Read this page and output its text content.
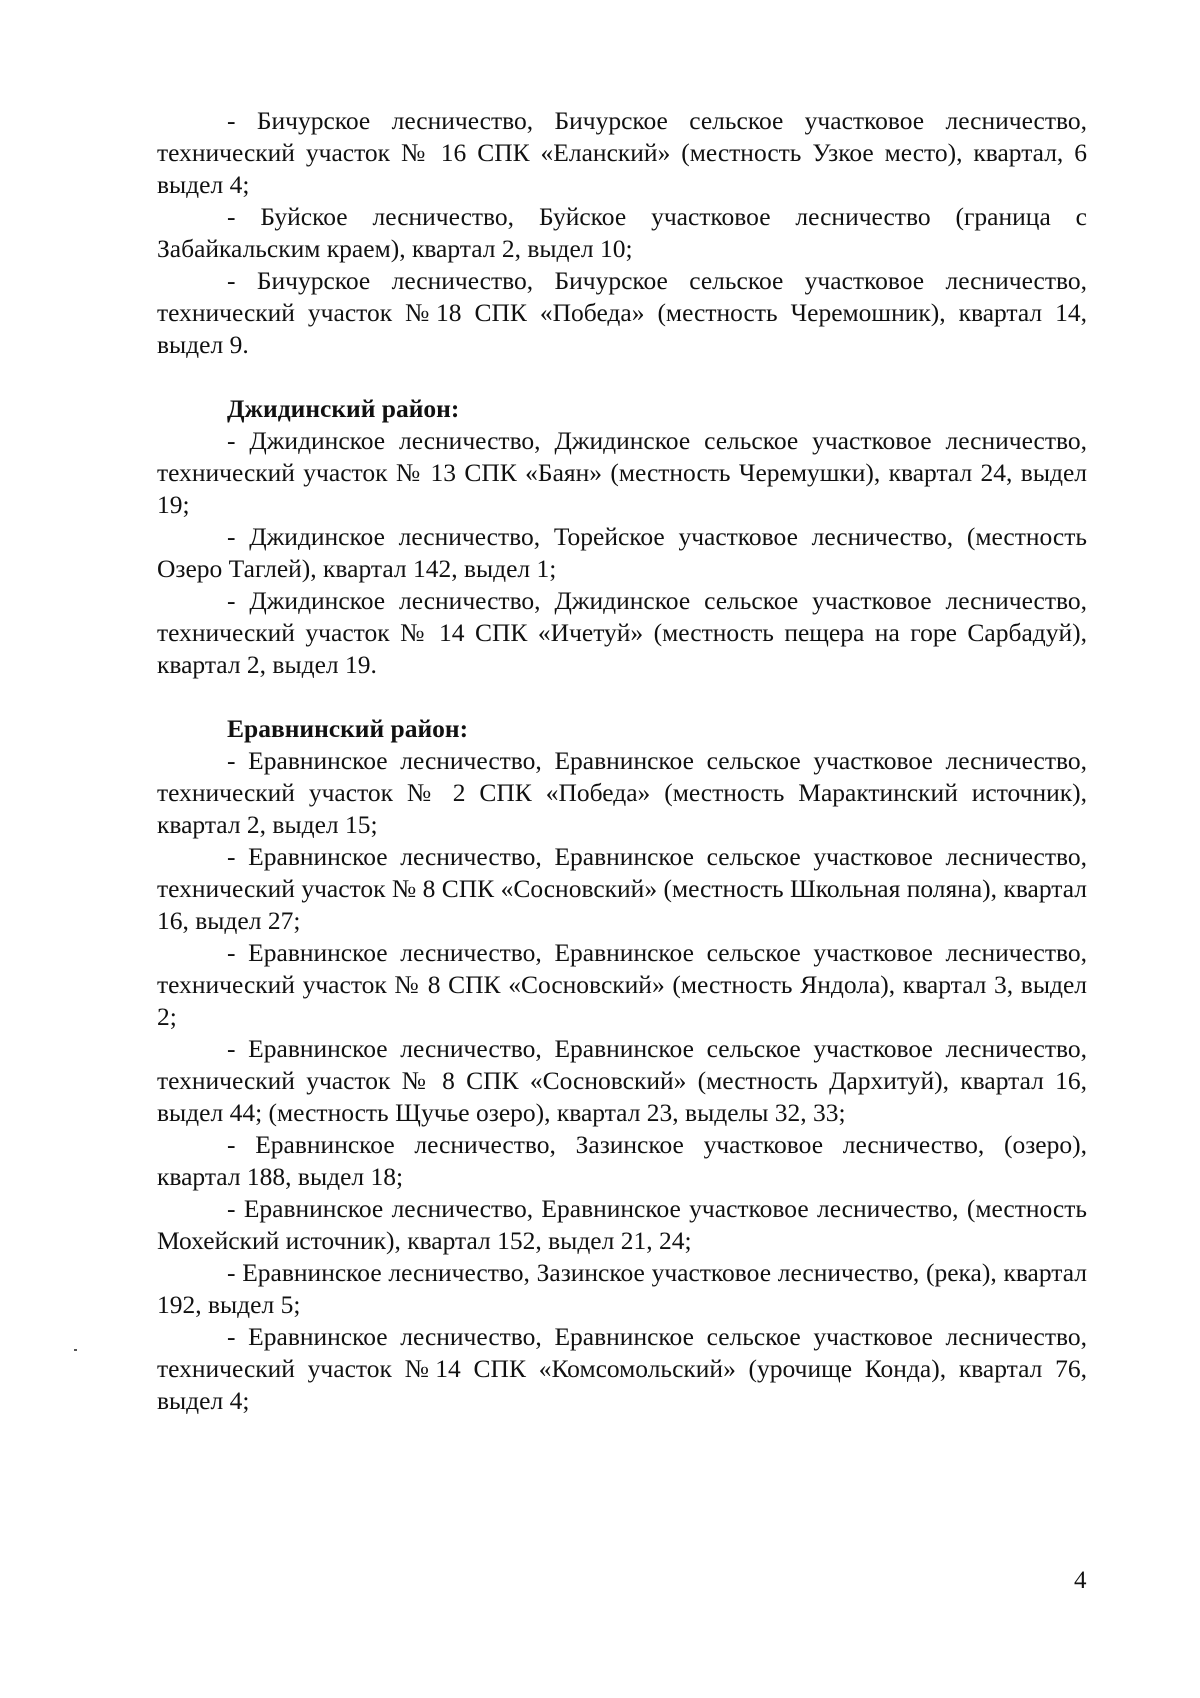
- Бичурское лесничество, Бичурское сельское участковое лесничество, технический участок № 16 СПК «Еланский» (местность Узкое место), квартал, 6 выдел 4;

- Буйское лесничество, Буйское участковое лесничество (граница с Забайкальским краем), квартал 2, выдел 10;

- Бичурское лесничество, Бичурское сельское участковое лесничество, технический участок №18 СПК «Победа» (местность Черемошник), квартал 14, выдел 9.

Джидинский район:

- Джидинское лесничество, Джидинское сельское участковое лесничество, технический участок № 13 СПК «Баян» (местность Черемушки), квартал 24, выдел 19;

- Джидинское лесничество, Торейское участковое лесничество, (местность Озеро Таглей), квартал 142, выдел 1;

- Джидинское лесничество, Джидинское сельское участковое лесничество, технический участок № 14 СПК «Ичетуй» (местность пещера на горе Сарбадуй), квартал 2, выдел 19.

Еравнинский район:

- Еравнинское лесничество, Еравнинское сельское участковое лесничество, технический участок № 2 СПК «Победа» (местность Марактинский источник), квартал 2, выдел 15;

- Еравнинское лесничество, Еравнинское сельское участковое лесничество, технический участок № 8 СПК «Сосновский» (местность Школьная поляна), квартал 16, выдел 27;

- Еравнинское лесничество, Еравнинское сельское участковое лесничество, технический участок № 8 СПК «Сосновский» (местность Яндола), квартал 3, выдел 2;

- Еравнинское лесничество, Еравнинское сельское участковое лесничество, технический участок № 8 СПК «Сосновский» (местность Дархитуй), квартал 16, выдел 44; (местность Щучье озеро), квартал 23, выделы 32, 33;

- Еравнинское лесничество, Зазинское участковое лесничество, (озеро), квартал 188, выдел 18;

- Еравнинское лесничество, Еравнинское участковое лесничество, (местность Мохейский источник), квартал 152, выдел 21, 24;

- Еравнинское лесничество, Зазинское участковое лесничество, (река), квартал 192, выдел 5;

- Еравнинское лесничество, Еравнинское сельское участковое лесничество, технический участок №14 СПК «Комсомольский» (урочище Конда), квартал 76, выдел 4;

4
